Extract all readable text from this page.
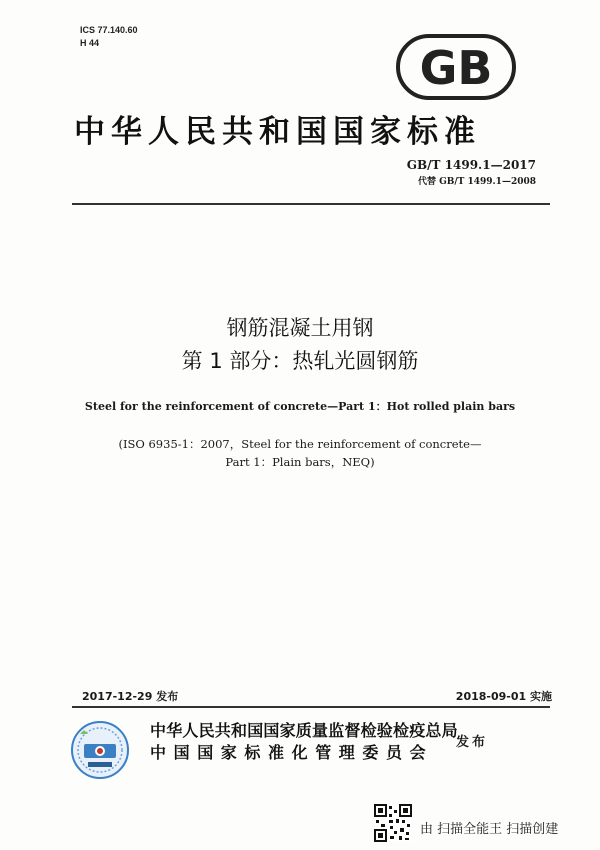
ICS 77.140.60
H 44	GB
中华人民共和国国家标准
GB/T 1499.1—2017
代替 GB/T 1499.1—2008
钢筋混凝土用钢
第 1 部分：热轧光圆钢筋
Steel for the reinforcement of concrete—Part 1：Hot rolled plain bars
(ISO 6935-1：2007，Steel for the reinforcement of concrete—
Part 1：Plain bars，NEQ)
2017-12-29 发布	2018-09-01 实施
中华人民共和国国家质量监督检验检疫总局
中国国家标准化管理委员会
发布
由 扫描全能王 扫描创建
